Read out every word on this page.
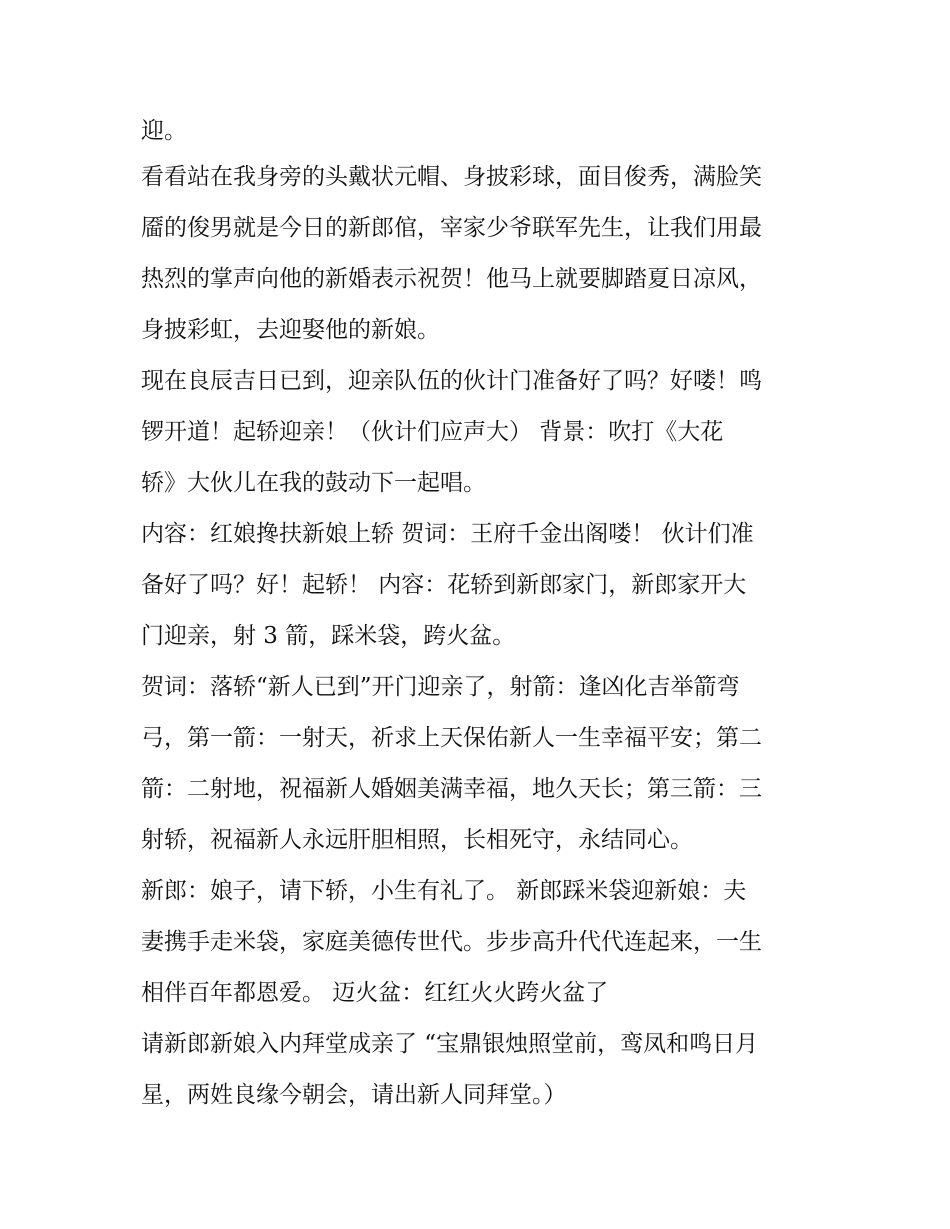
迎。
看看站在我身旁的头戴状元帽、身披彩球，面目俊秀，满脸笑
靥的俊男就是今日的新郎倌，宰家少爷联军先生，让我们用最
热烈的掌声向他的新婚表示祝贺！他马上就要脚踏夏日凉风，
身披彩虹，去迎娶他的新娘。
现在良辰吉日已到，迎亲队伍的伙计门准备好了吗？好喽！鸣
锣开道！起轿迎亲！（伙计们应声大） 背景：吹打《大花
轿》大伙儿在我的鼓动下一起唱。
内容：红娘搀扶新娘上轿 贺词：王府千金出阁喽！ 伙计们准
备好了吗？好！起轿！ 内容：花轿到新郎家门，新郎家开大
门迎亲，射 3 箭，踩米袋，跨火盆。
贺词：落轿“新人已到”开门迎亲了，射箭：逢凶化吉举箭弯
弓，第一箭：一射天，祈求上天保佑新人一生幸福平安；第二
箭：二射地，祝福新人婚姻美满幸福，地久天长；第三箭：三
射轿，祝福新人永远肝胆相照，长相死守，永结同心。
新郎：娘子，请下轿，小生有礼了。 新郎踩米袋迎新娘：夫
妻携手走米袋，家庭美德传世代。步步高升代代连起来，一生
相伴百年都恩爱。 迈火盆：红红火火跨火盆了
请新郎新娘入内拜堂成亲了 “宝鼎银烛照堂前，鸾凤和鸣日月
星，两姓良缘今朝会，请出新人同拜堂。）
